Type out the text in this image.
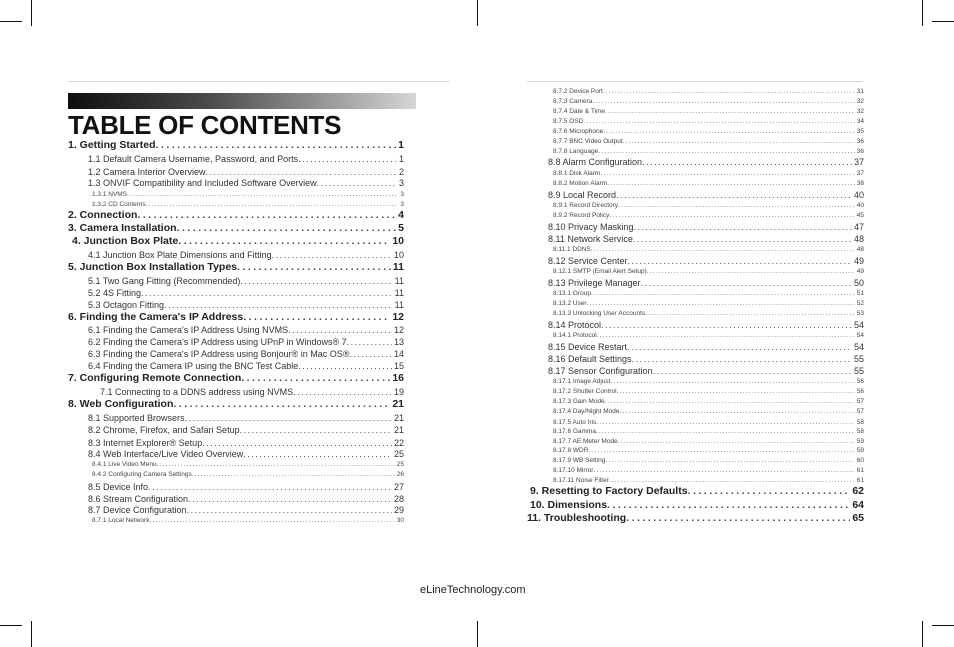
TABLE OF CONTENTS
1. Getting Started .....	1
1.1 Default Camera Username, Password, and Ports .....	1
1.2 Camera Interior Overview .....	2
1.3 ONVIF Compatibility and Included Software Overview .....	3
1.3.1 NVMS .....	3
1.3.2 CD Contents .....	3
2. Connection .....	4
3. Camera Installation .....	5
4. Junction Box Plate .....	10
4.1 Junction Box Plate Dimensions and Fitting .....	10
5. Junction Box Installation Types .....	11
5.1 Two Gang Fitting (Recommended) .....	11
5.2 4S Fitting .....	11
5.3 Octagon Fitting .....	11
6. Finding the Camera's IP Address .....	12
6.1 Finding the Camera's IP Address Using NVMS .....	12
6.2 Finding the Camera's IP Address using UPnP in Windows® 7 .....	13
6.3 Finding the Camera's IP Address using Bonjour® in Mac OS® .....	14
6.4 Finding the Camera IP using the BNC Test Cable .....	15
7. Configuring Remote Connection .....	16
7.1 Connecting to a DDNS address using NVMS .....	19
8. Web Configuration .....	21
8.1 Supported Browsers .....	21
8.2 Chrome, Firefox, and Safari Setup .....	21
8.3 Internet Explorer® Setup .....	22
8.4 Web Interface/Live Video Overview .....	25
8.4.1 Live Video Menu .....	25
8.4.2 Configuring Camera Settings .....	26
8.5 Device Info .....	27
8.6 Stream Configuration .....	28
8.7 Device Configuration .....	29
8.7.1 Local Network .....	30
8.7.2 Device Port .....	31
8.7.3 Camera .....	32
8.7.4 Date & Time .....	32
8.7.5 OSD .....	34
8.7.6 Microphone .....	35
8.7.7 BNC Video Output .....	36
8.7.8 Language .....	36
8.8 Alarm Configuration .....	37
8.8.1 Disk Alarm .....	37
8.8.2 Motion Alarm .....	38
8.9 Local Record .....	40
8.9.1 Record Directory .....	40
8.9.2 Record Policy .....	45
8.10 Privacy Masking .....	47
8.11 Network Service .....	48
8.11.1 DDNS .....	48
8.12 Service Center .....	49
8.12.1 SMTP (Email Alert Setup) .....	49
8.13 Privilege Manager .....	50
8.13.1 Group .....	51
8.13.2 User .....	52
8.13.3 Unlocking User Accounts .....	53
8.14 Protocol .....	54
8.14.1 Protocol .....	54
8.15 Device Restart .....	54
8.16 Default Settings .....	55
8.17 Sensor Configuration .....	55
8.17.1 Image Adjust .....	56
8.17.2 Shutter Control .....	56
8.17.3 Gain Mode .....	57
8.17.4 Day/Night Mode .....	57
8.17.5 Auto Iris .....	58
8.17.6 Gamma .....	58
8.17.7 AE Meter Mode .....	59
8.17.8 WDR .....	59
8.17.9 WB Setting .....	60
8.17.10 Mirror .....	61
8.17.11 Noise Filter .....	61
9. Resetting to Factory Defaults .....	62
10. Dimensions .....	64
11. Troubleshooting .....	65
eLineTechnology.com
